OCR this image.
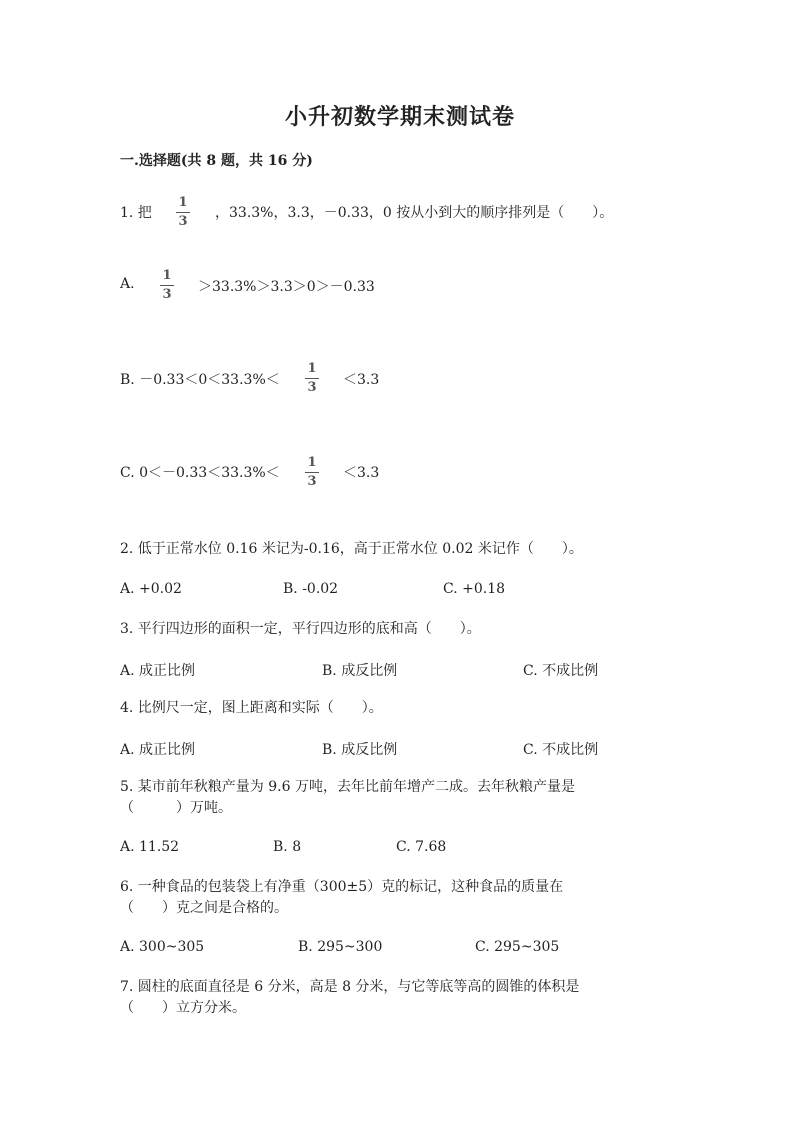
小升初数学期末测试卷
一.选择题(共 8 题，共 16 分)
1. 把
1
3
，33.3%，3.3，－0.33，0 按从小到大的顺序排列是（　　）。
A.
1
3 ＞33.3%＞3.3＞0＞－0.33
B. －0.33＜0＜33.3%＜
1
3 ＜3.3
C. 0＜－0.33＜33.3%＜
1
3
＜3.3
2. 低于正常水位 0.16 米记为-0.16，高于正常水位 0.02 米记作（　　）。
A. +0.02	B. -0.02	C. +0.18
3. 平行四边形的面积一定，平行四边形的底和高（　　）。
A. 成正比例	B. 成反比例	C. 不成比例
4. 比例尺一定，图上距离和实际（　　）。
A. 成正比例	B. 成反比例	C. 不成比例
5. 某市前年秋粮产量为 9.6 万吨，去年比前年增产二成。去年秋粮产量是
（　　　）万吨。
A. 11.52	B. 8	C. 7.68
6. 一种食品的包装袋上有净重（300±5）克的标记，这种食品的质量在
（　　）克之间是合格的。
A. 300~305	B. 295~300	C. 295~305
7. 圆柱的底面直径是 6 分米，高是 8 分米，与它等底等高的圆锥的体积是
（　　）立方分米。
